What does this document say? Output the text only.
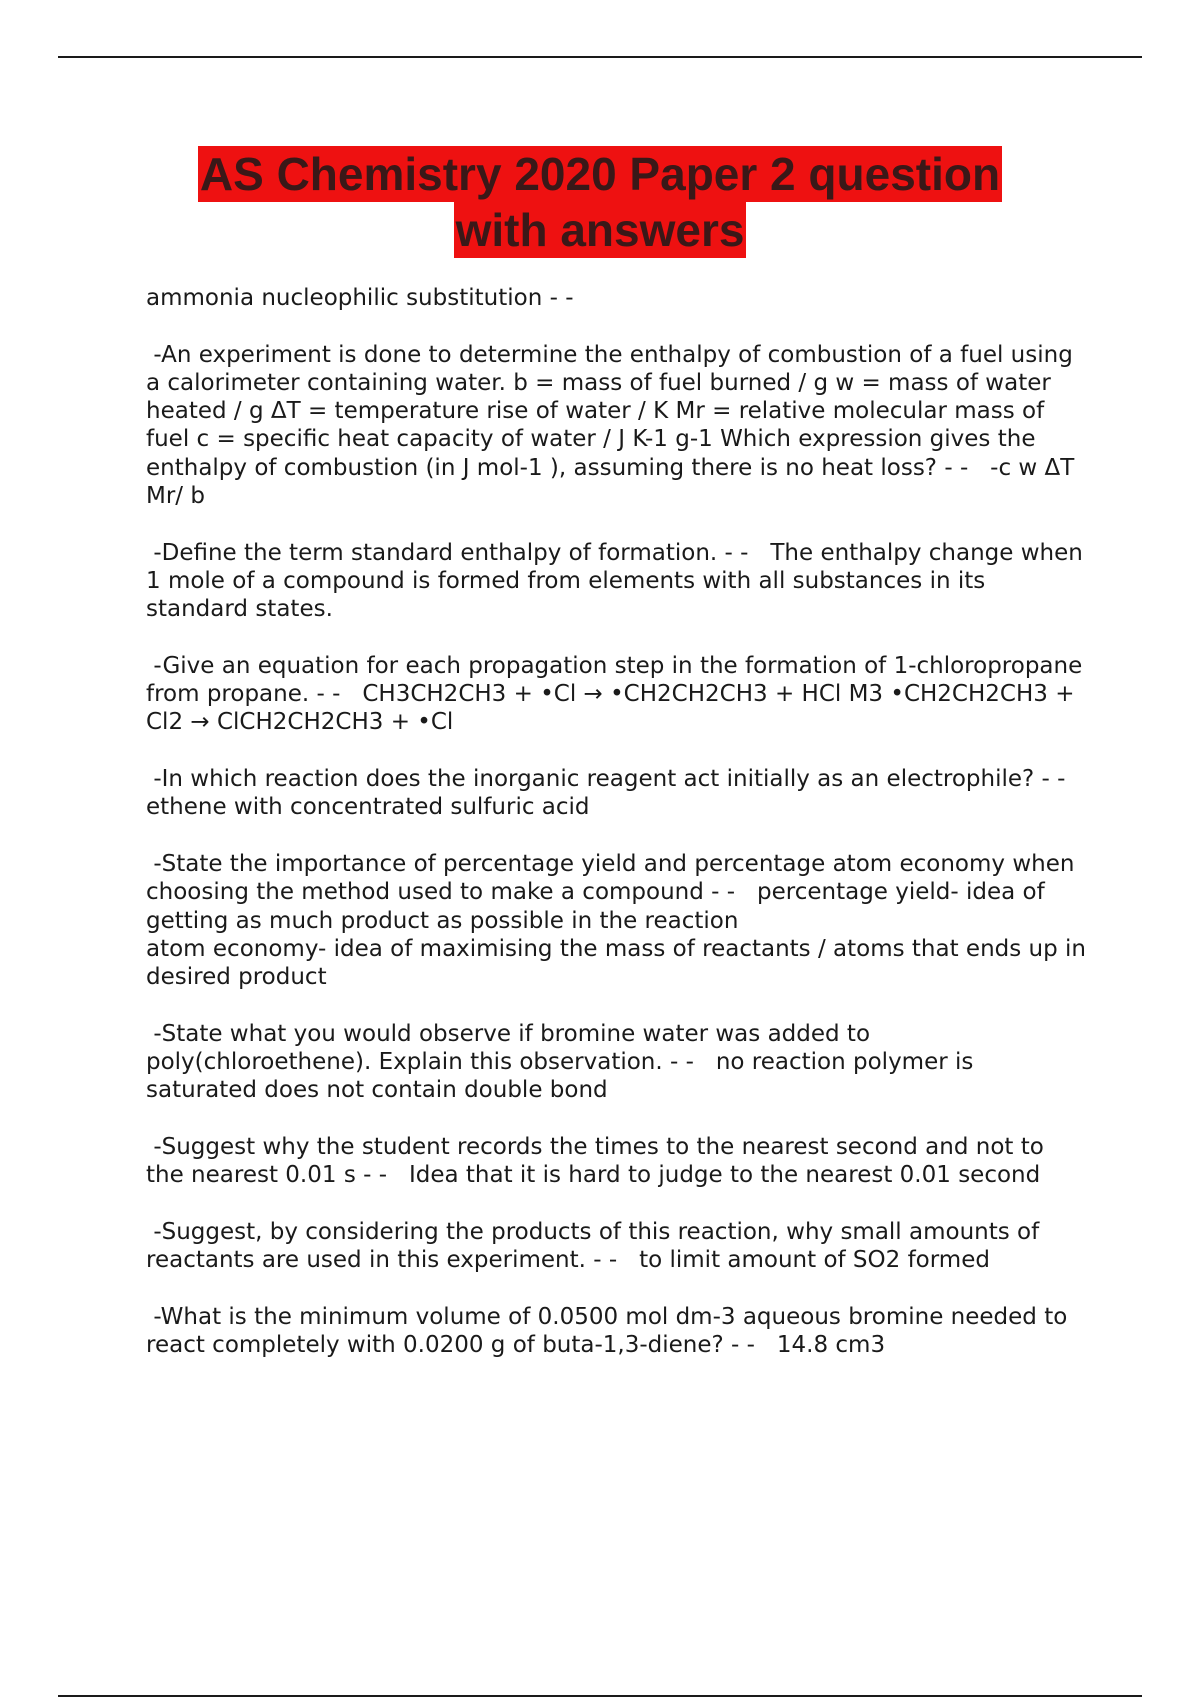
AS Chemistry 2020 Paper 2 question
with answers

ammonia nucleophilic substitution - -

-An experiment is done to determine the enthalpy of combustion of a fuel using a calorimeter containing water. b = mass of fuel burned / g w = mass of water heated / g ΔT = temperature rise of water / K Mr = relative molecular mass of fuel c = specific heat capacity of water / J K-1 g-1 Which expression gives the enthalpy of combustion (in J mol-1 ), assuming there is no heat loss? - -   -c w ΔT Mr/ b

-Define the term standard enthalpy of formation. - -   The enthalpy change when 1 mole of a compound is formed from elements with all substances in its standard states.

-Give an equation for each propagation step in the formation of 1-chloropropane from propane. - -   CH3CH2CH3 + •Cl → •CH2CH2CH3 + HCl M3 •CH2CH2CH3 + Cl2 → ClCH2CH2CH3 + •Cl

-In which reaction does the inorganic reagent act initially as an electrophile? - -   ethene with concentrated sulfuric acid

-State the importance of percentage yield and percentage atom economy when choosing the method used to make a compound - -   percentage yield- idea of getting as much product as possible in the reaction
atom economy- idea of maximising the mass of reactants / atoms that ends up in desired product

-State what you would observe if bromine water was added to poly(chloroethene). Explain this observation. - -   no reaction polymer is saturated does not contain double bond

-Suggest why the student records the times to the nearest second and not to the nearest 0.01 s - -   Idea that it is hard to judge to the nearest 0.01 second

-Suggest, by considering the products of this reaction, why small amounts of reactants are used in this experiment. - -   to limit amount of SO2 formed

-What is the minimum volume of 0.0500 mol dm-3 aqueous bromine needed to react completely with 0.0200 g of buta-1,3-diene? - -   14.8 cm3
